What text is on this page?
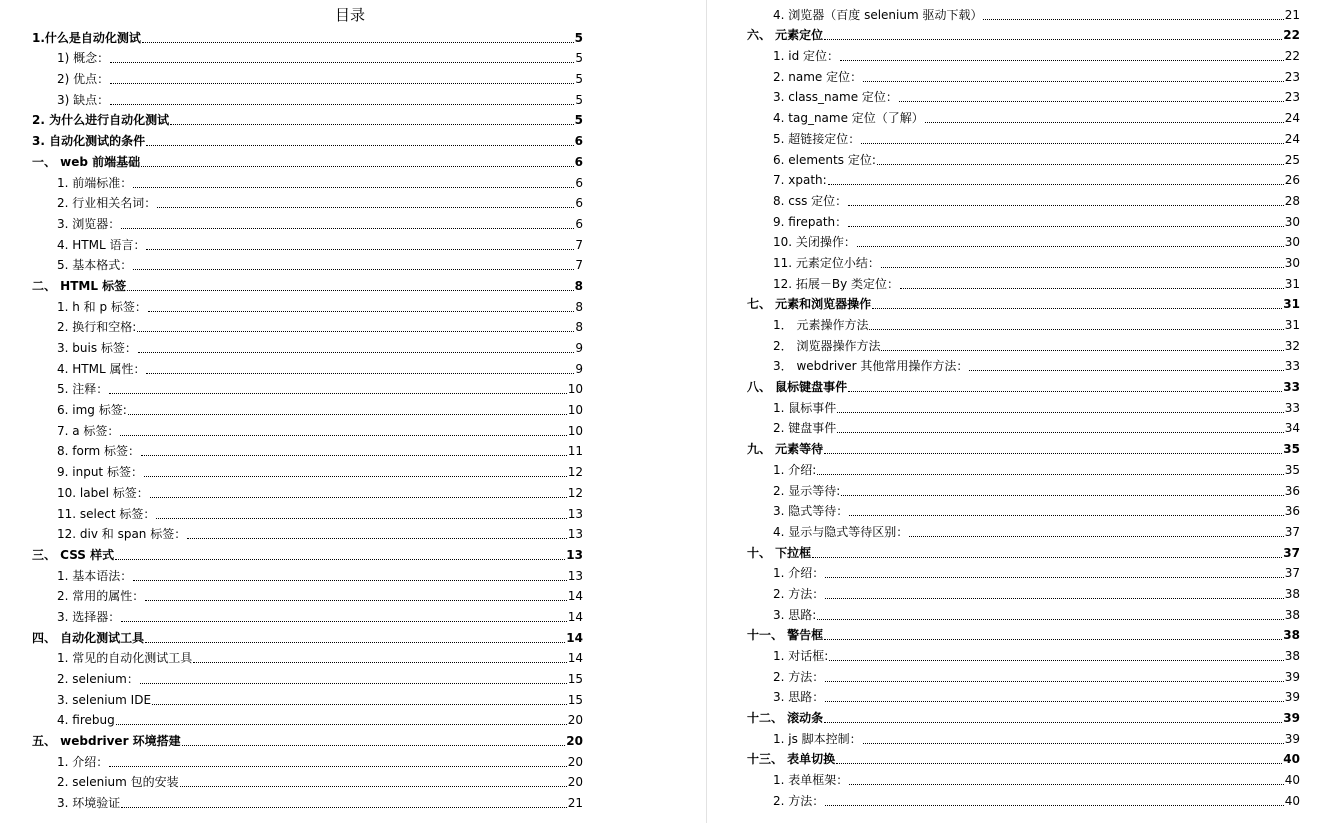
目录
1.什么是自动化测试	5
1) 概念：	5
2) 优点：	5
3) 缺点：	5
2. 为什么进行自动化测试	5
3. 自动化测试的条件	6
一、 web 前端基础	6
1. 前端标准：	6
2. 行业相关名词：	6
3. 浏览器：	6
4. HTML 语言：	7
5. 基本格式：	7
二、 HTML 标签	8
1. h 和 p 标签：	8
2. 换行和空格:	8
3. buis 标签：	9
4. HTML 属性：	9
5. 注释：	10
6. img 标签:	10
7. a 标签：	10
8. form 标签：	11
9. input 标签：	12
10. label 标签：	12
11. select 标签：	13
12. div 和 span 标签：	13
三、 CSS 样式	13
1. 基本语法：	13
2. 常用的属性：	14
3. 选择器：	14
四、 自动化测试工具	14
1. 常见的自动化测试工具	14
2. selenium：	15
3. selenium IDE	15
4. firebug	20
五、 webdriver 环境搭建	20
1. 介绍：	20
2. selenium 包的安装	20
3. 环境验证	21
4. 浏览器（百度 selenium 驱动下载）	21
六、 元素定位	22
1. id 定位：	22
2. name 定位：	23
3. class_name 定位：	23
4. tag_name 定位（了解）	24
5. 超链接定位：	24
6. elements 定位:	25
7. xpath:	26
8. css 定位：	28
9. firepath：	30
10. 关闭操作：	30
11. 元素定位小结：	30
12. 拓展－By 类定位：	31
七、 元素和浏览器操作	31
1． 元素操作方法	31
2． 浏览器操作方法	32
3． webdriver 其他常用操作方法：	33
八、 鼠标键盘事件	33
1. 鼠标事件	33
2. 键盘事件	34
九、 元素等待	35
1. 介绍:	35
2. 显示等待:	36
3. 隐式等待：	36
4. 显示与隐式等待区别：	37
十、 下拉框	37
1. 介绍：	37
2. 方法：	38
3. 思路:	38
十一、 警告框	38
1. 对话框:	38
2. 方法：	39
3. 思路：	39
十二、 滚动条	39
1. js 脚本控制：	39
十三、 表单切换	40
1. 表单框架：	40
2. 方法：	40
